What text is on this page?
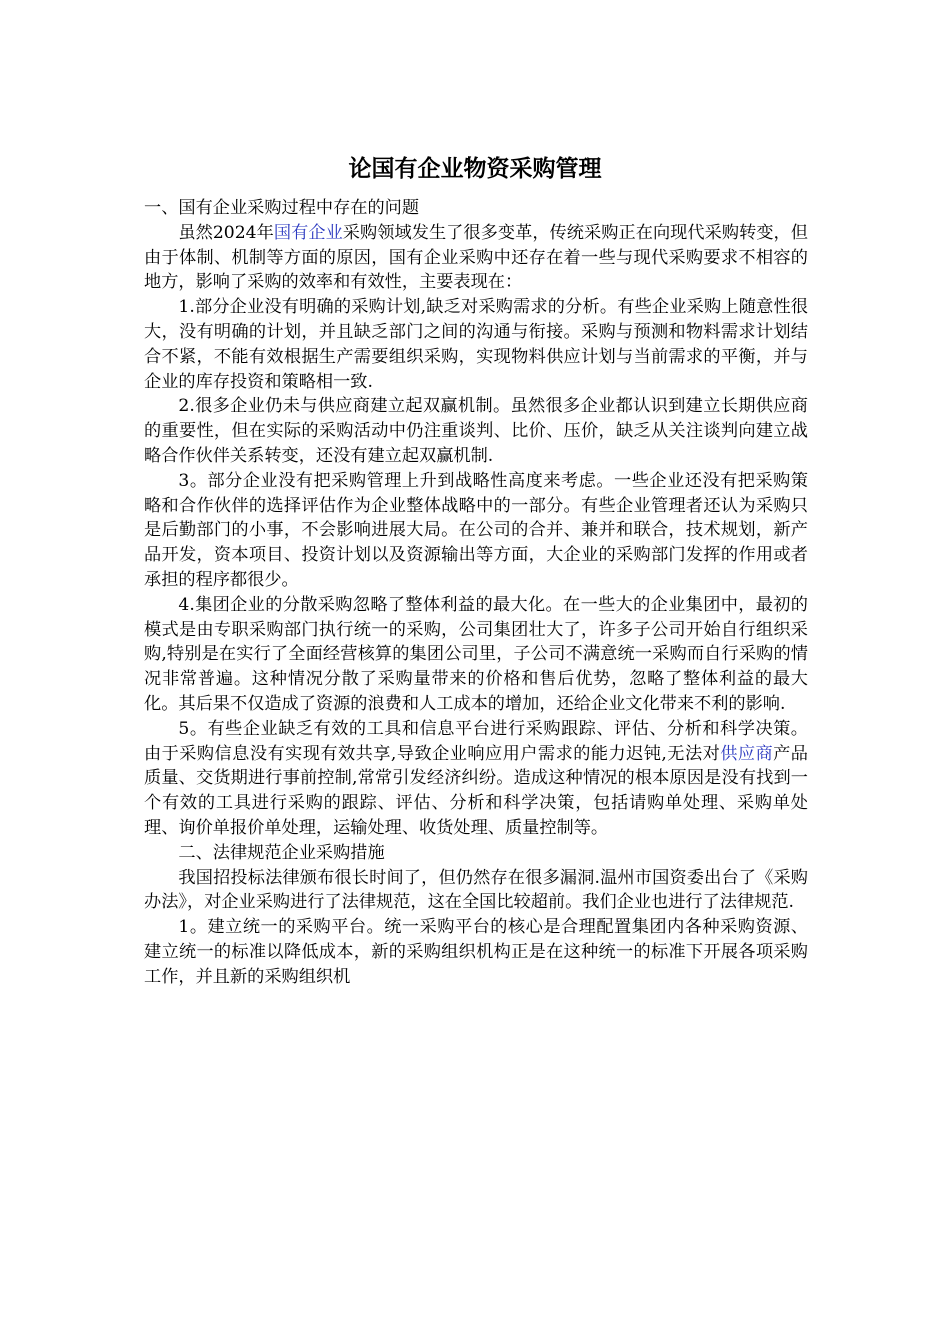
论国有企业物资采购管理

一、国有企业采购过程中存在的问题

虽然2024年国有企业采购领域发生了很多变革，传统采购正在向现代采购转变，但由于体制、机制等方面的原因，国有企业采购中还存在着一些与现代采购要求不相容的地方，影响了采购的效率和有效性，主要表现在：

1.部分企业没有明确的采购计划,缺乏对采购需求的分析。有些企业采购上随意性很大，没有明确的计划，并且缺乏部门之间的沟通与衔接。采购与预测和物料需求计划结合不紧，不能有效根据生产需要组织采购，实现物料供应计划与当前需求的平衡，并与企业的库存投资和策略相一致.

2.很多企业仍未与供应商建立起双赢机制。虽然很多企业都认识到建立长期供应商的重要性，但在实际的采购活动中仍注重谈判、比价、压价，缺乏从关注谈判向建立战略合作伙伴关系转变，还没有建立起双赢机制.

3。部分企业没有把采购管理上升到战略性高度来考虑。一些企业还没有把采购策略和合作伙伴的选择评估作为企业整体战略中的一部分。有些企业管理者还认为采购只是后勤部门的小事，不会影响进展大局。在公司的合并、兼并和联合，技术规划，新产品开发，资本项目、投资计划以及资源输出等方面，大企业的采购部门发挥的作用或者承担的程序都很少。

4.集团企业的分散采购忽略了整体利益的最大化。在一些大的企业集团中，最初的模式是由专职采购部门执行统一的采购，公司集团壮大了，许多子公司开始自行组织采购,特别是在实行了全面经营核算的集团公司里，子公司不满意统一采购而自行采购的情况非常普遍。这种情况分散了采购量带来的价格和售后优势，忽略了整体利益的最大化。其后果不仅造成了资源的浪费和人工成本的增加，还给企业文化带来不利的影响.

5。有些企业缺乏有效的工具和信息平台进行采购跟踪、评估、分析和科学决策。由于采购信息没有实现有效共享,导致企业响应用户需求的能力迟钝,无法对供应商产品质量、交货期进行事前控制,常常引发经济纠纷。造成这种情况的根本原因是没有找到一个有效的工具进行采购的跟踪、评估、分析和科学决策，包括请购单处理、采购单处理、询价单报价单处理，运输处理、收货处理、质量控制等。

二、法律规范企业采购措施

我国招投标法律颁布很长时间了，但仍然存在很多漏洞.温州市国资委出台了《采购办法》，对企业采购进行了法律规范，这在全国比较超前。我们企业也进行了法律规范.

1。建立统一的采购平台。统一采购平台的核心是合理配置集团内各种采购资源、建立统一的标准以降低成本，新的采购组织机构正是在这种统一的标准下开展各项采购工作，并且新的采购组织机
